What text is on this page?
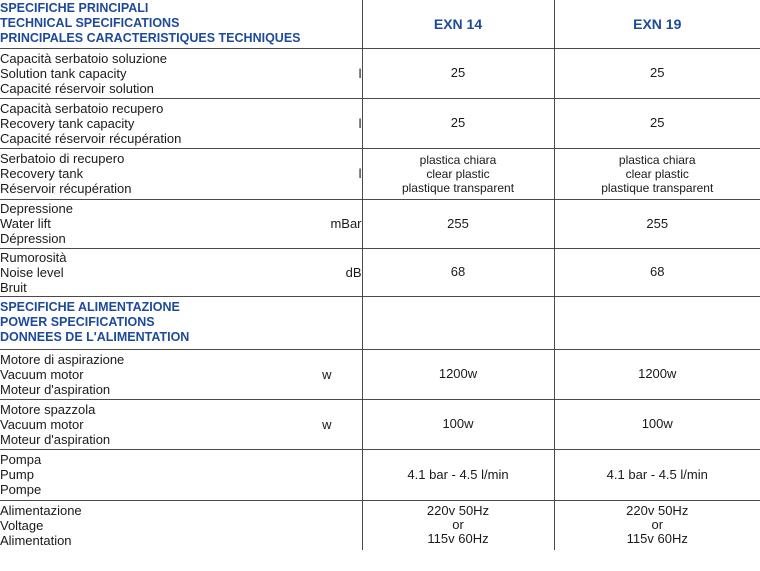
SPECIFICHE PRINCIPALI
TECHNICAL SPECIFICATIONS
PRINCIPALES CARACTERISTIQUES TECHNIQUES		EXN 14	EXN 19

Capacità serbatoio soluzione
Solution tank capacity
Capacité réservoir solution	l	25	25

Capacità serbatoio recupero
Recovery tank capacity
Capacité réservoir récupération	l	25	25

Serbatoio di recupero
Recovery tank
Réservoir récupération	l	plastica chiara
clear plastic
plastique transparent	plastica chiara
clear plastic
plastique transparent

Depressione
Water lift
Dépression	mBar	255	255

Rumorosità
Noise level
Bruit	dB	68	68

SPECIFICHE ALIMENTAZIONE
POWER SPECIFICATIONS
DONNEES DE L'ALIMENTATION			

Motore di aspirazione
Vacuum motor
Moteur d'aspiration	w	1200w	1200w

Motore spazzola
Vacuum motor
Moteur d'aspiration	w	100w	100w

Pompa
Pump
Pompe		4.1 bar - 4.5 l/min	4.1 bar - 4.5 l/min

Alimentazione
Voltage
Alimentation		220v 50Hz
or
115v 60Hz	220v 50Hz
or
115v 60Hz
